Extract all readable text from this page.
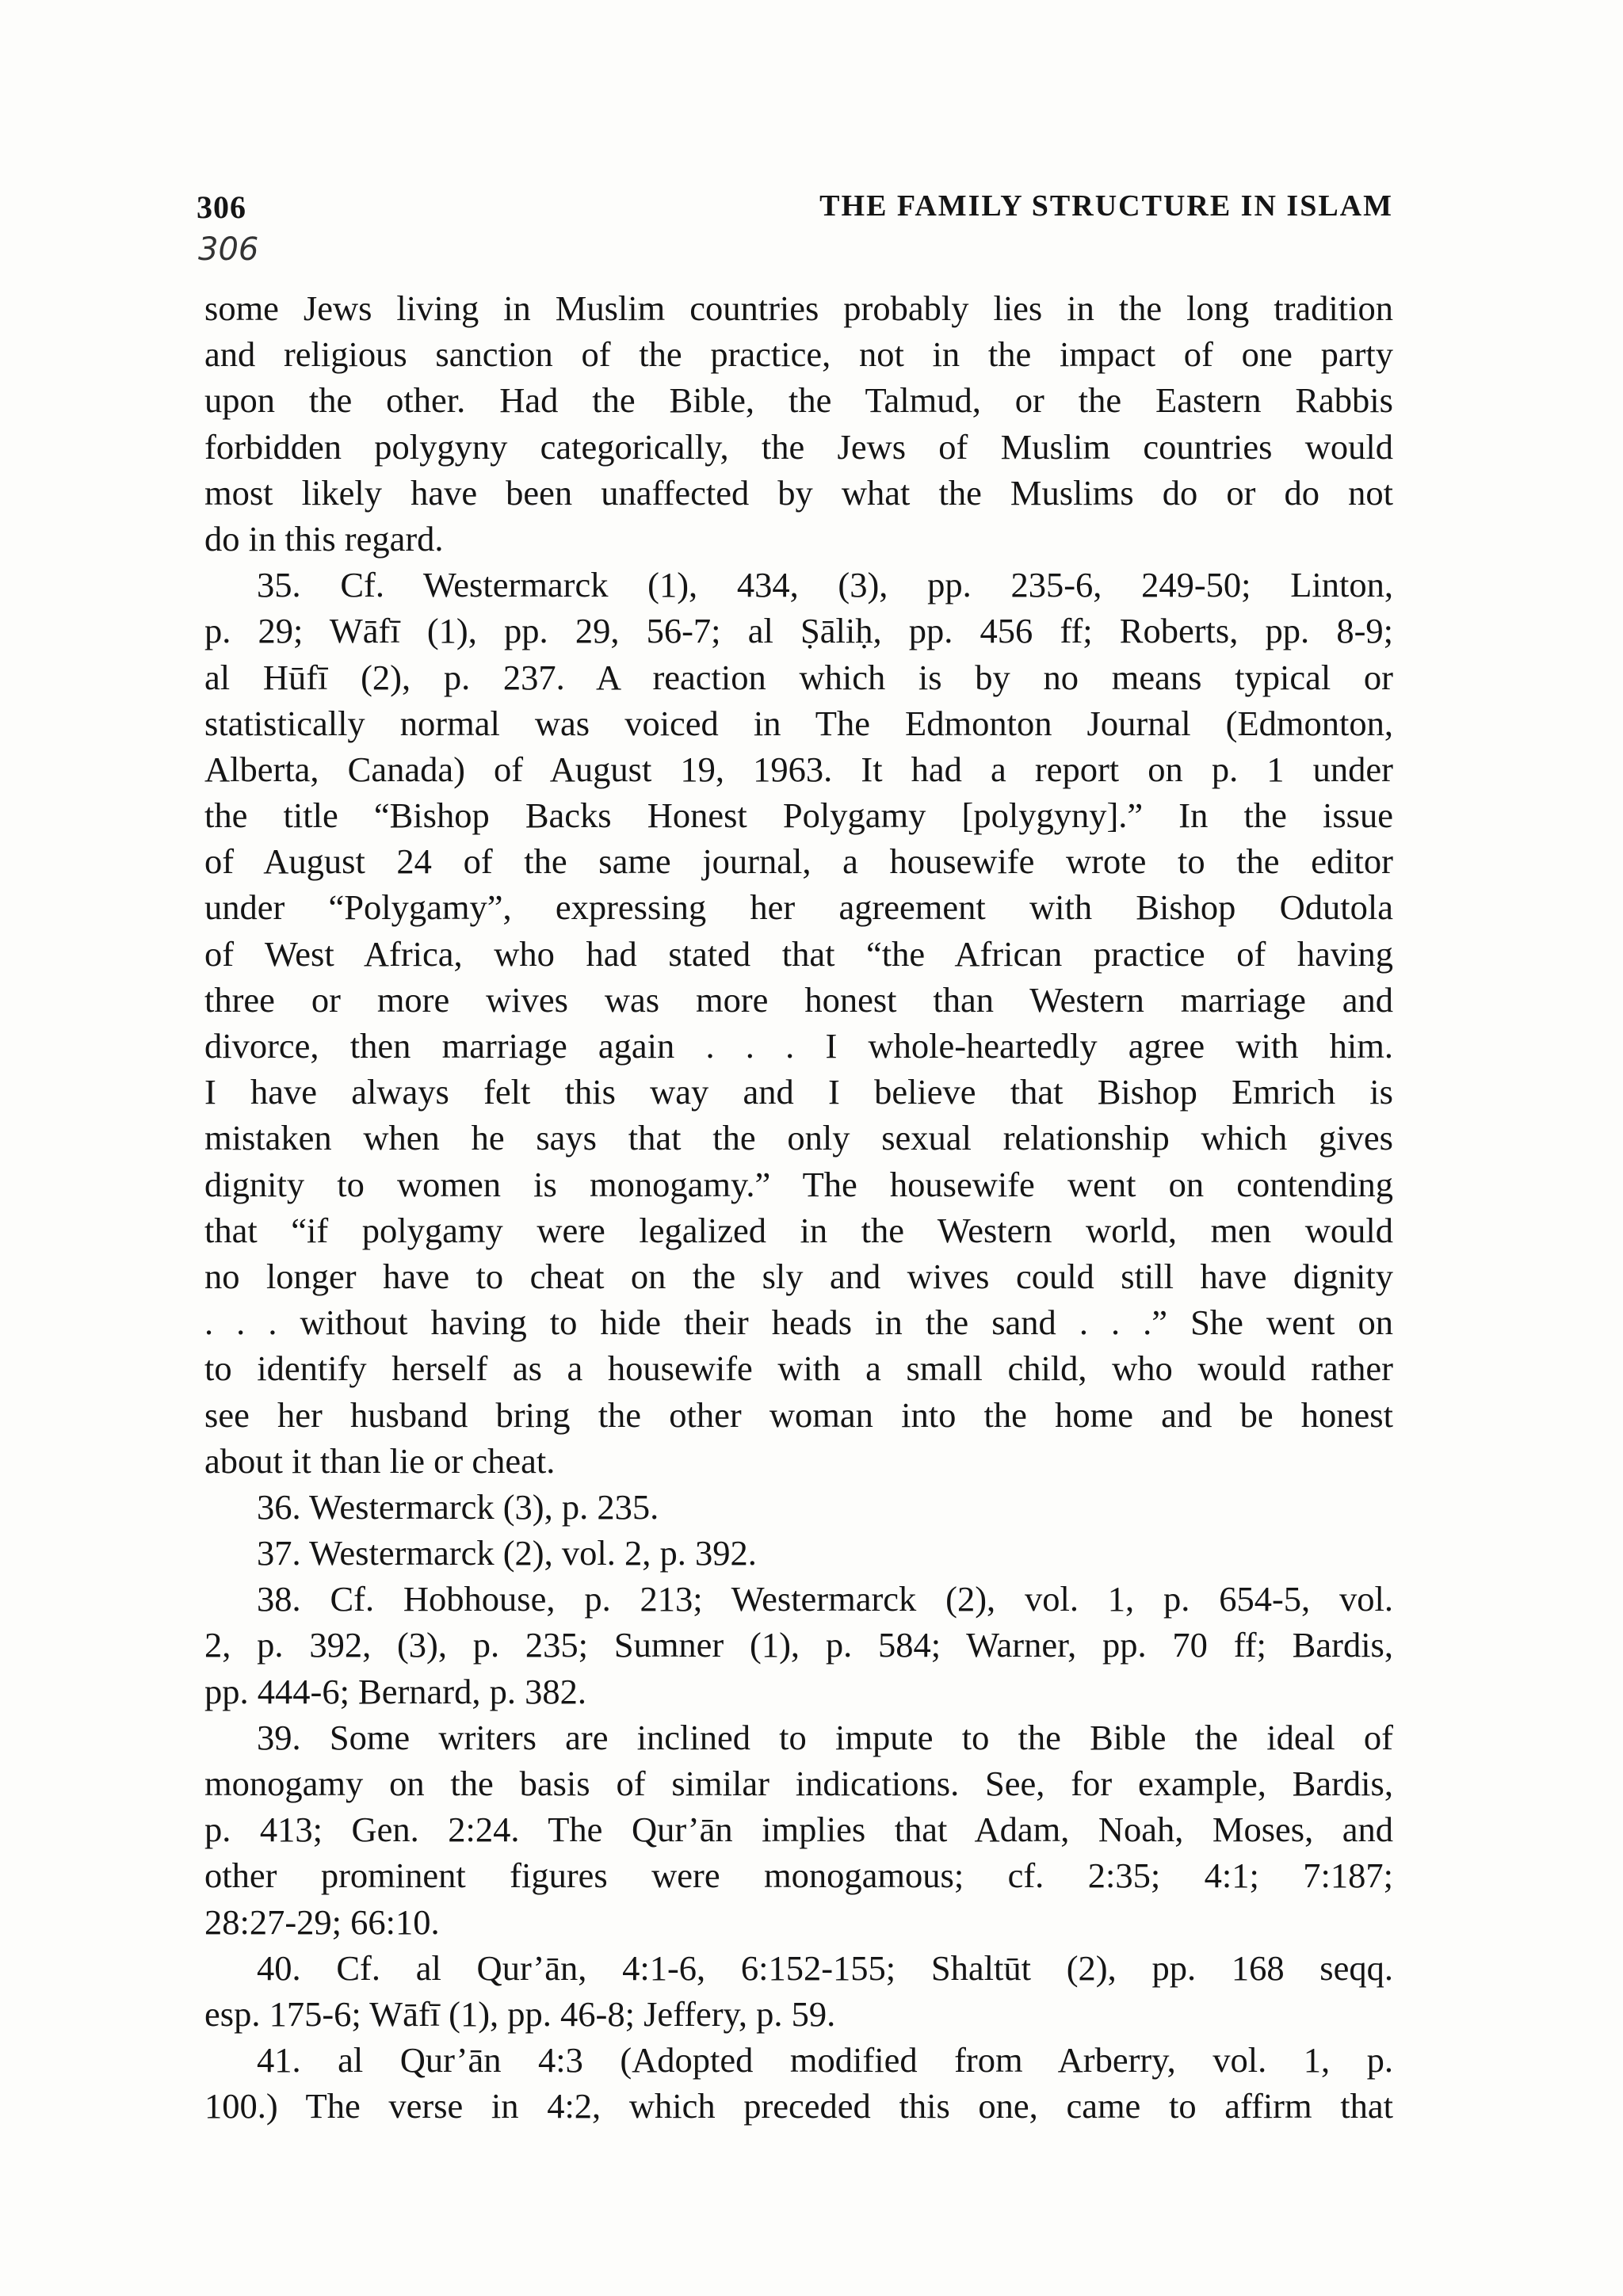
306	THE FAMILY STRUCTURE IN ISLAM
306
some Jews living in Muslim countries probably lies in the long tradition
and religious sanction of the practice, not in the impact of one party
upon the other. Had the Bible, the Talmud, or the Eastern Rabbis
forbidden polygyny categorically, the Jews of Muslim countries would
most likely have been unaffected by what the Muslims do or do not
do in this regard.
35. Cf. Westermarck (1), 434, (3), pp. 235-6, 249-50; Linton,
p. 29; Wāfī (1), pp. 29, 56-7; al Ṣāliḥ, pp. 456 ff; Roberts, pp. 8-9;
al Hūfī (2), p. 237. A reaction which is by no means typical or
statistically normal was voiced in The Edmonton Journal (Edmonton,
Alberta, Canada) of August 19, 1963. It had a report on p. 1 under
the title “Bishop Backs Honest Polygamy [polygyny].” In the issue
of August 24 of the same journal, a housewife wrote to the editor
under “Polygamy”, expressing her agreement with Bishop Odutola
of West Africa, who had stated that “the African practice of having
three or more wives was more honest than Western marriage and
divorce, then marriage again . . . I whole-heartedly agree with him.
I have always felt this way and I believe that Bishop Emrich is
mistaken when he says that the only sexual relationship which gives
dignity to women is monogamy.” The housewife went on contending
that “if polygamy were legalized in the Western world, men would
no longer have to cheat on the sly and wives could still have dignity
. . . without having to hide their heads in the sand . . .” She went on
to identify herself as a housewife with a small child, who would rather
see her husband bring the other woman into the home and be honest
about it than lie or cheat.
36. Westermarck (3), p. 235.
37. Westermarck (2), vol. 2, p. 392.
38. Cf. Hobhouse, p. 213; Westermarck (2), vol. 1, p. 654-5, vol.
2, p. 392, (3), p. 235; Sumner (1), p. 584; Warner, pp. 70 ff; Bardis,
pp. 444-6; Bernard, p. 382.
39. Some writers are inclined to impute to the Bible the ideal of
monogamy on the basis of similar indications. See, for example, Bardis,
p. 413; Gen. 2:24. The Qur’ān implies that Adam, Noah, Moses, and
other prominent figures were monogamous; cf. 2:35; 4:1; 7:187;
28:27-29; 66:10.
40. Cf. al Qur’ān, 4:1-6, 6:152-155; Shaltūt (2), pp. 168 seqq.
esp. 175-6; Wāfī (1), pp. 46-8; Jeffery, p. 59.
41. al Qur’ān 4:3 (Adopted modified from Arberry, vol. 1, p.
100.) The verse in 4:2, which preceded this one, came to affirm that
